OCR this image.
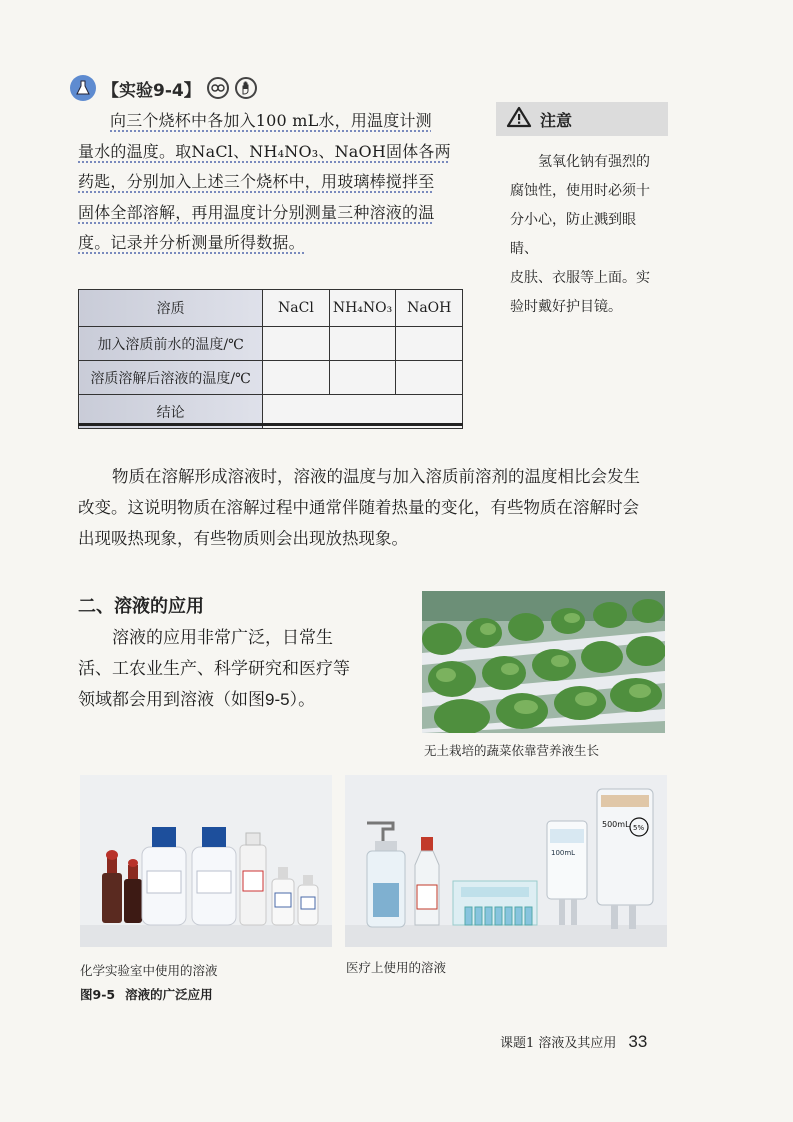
【实验9-4】
向三个烧杯中各加入100 mL水，用温度计测
量水的温度。取NaCl、NH₄NO₃、NaOH固体各两
药匙，分别加入上述三个烧杯中，用玻璃棒搅拌至
固体全部溶解，再用温度计分别测量三种溶液的温
度。记录并分析测量所得数据。
注意
氢氧化钠有强烈的
腐蚀性，使用时必须十
分小心，防止溅到眼睛、
皮肤、衣服等上面。实
验时戴好护目镜。
溶质	NaCl	NH₄NO₃	NaOH
加入溶质前水的温度/℃			
溶质溶解后溶液的温度/℃			
结论			
物质在溶解形成溶液时，溶液的温度与加入溶质前溶剂的温度相比会发生
改变。这说明物质在溶解过程中通常伴随着热量的变化，有些物质在溶解时会
出现吸热现象，有些物质则会出现放热现象。
二、溶液的应用
溶液的应用非常广泛，日常生
活、工农业生产、科学研究和医疗等
领域都会用到溶液（如图9-5）。
无土栽培的蔬菜依靠营养液生长
化学实验室中使用的溶液
100mL
500mL 5%
医疗上使用的溶液
图9-5 溶液的广泛应用
课题1 溶液及其应用 33
